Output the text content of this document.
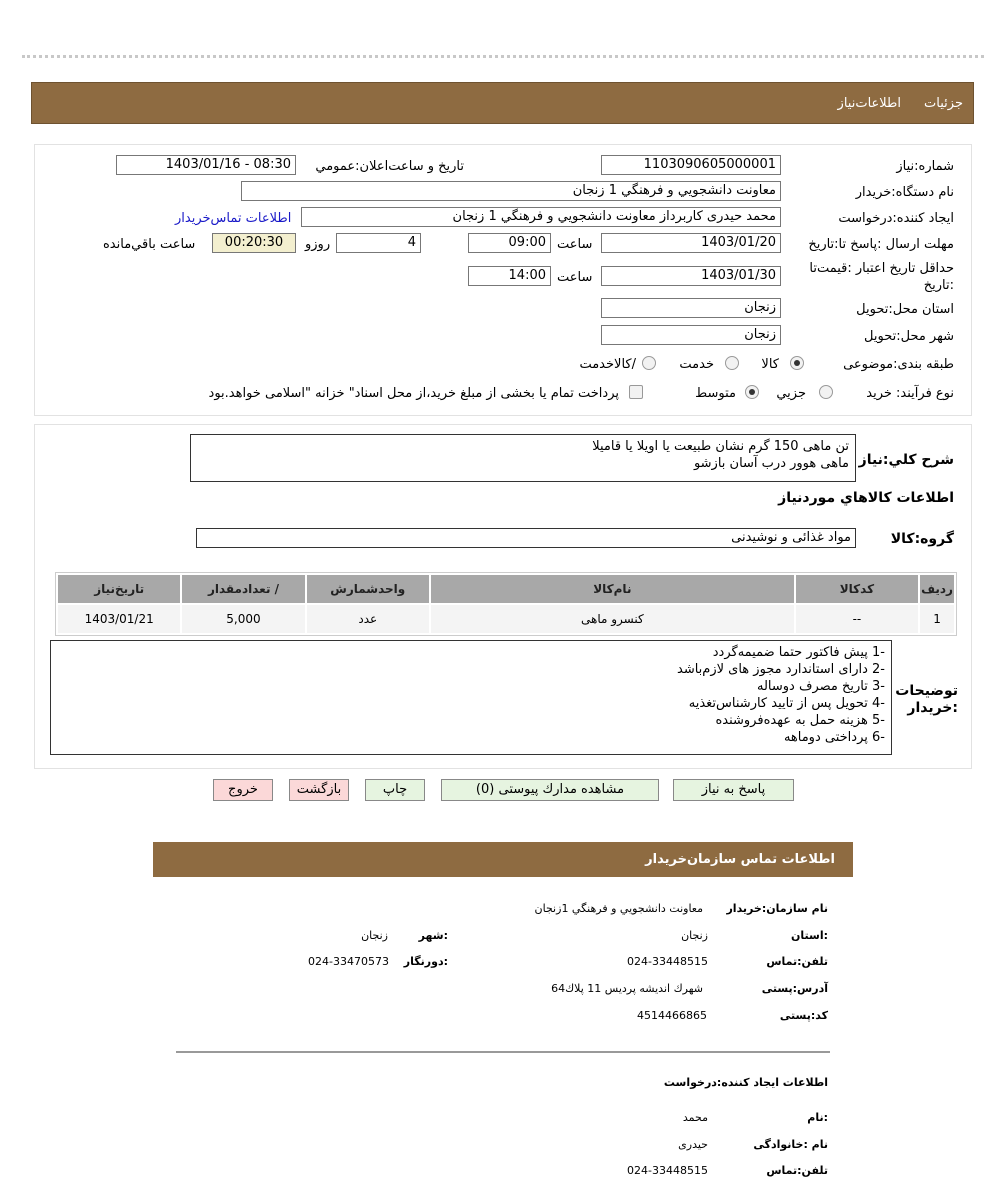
جزئیات
اطلاعات‌نیاز
شماره:نیاز
1103090605000001
تاریخ و ساعت‌اعلان:عمومي
1403/01/16 - 08:30
نام دستگاه:خريدار
معاونت دانشجويي و فرهنگي 1 زنجان
ايجاد كننده:درخواست
محمد حيدری كاربرداز معاونت دانشجويي و فرهنگي 1 زنجان
اطلاعات تماس‌خريدار
مهلت ارسال :پاسخ تا:تاریخ
1403/01/20
ساعت
09:00
4
روزو
00:20:30
ساعت باقي‌مانده
حداقل تاريخ اعتبار :قيمت‌تا
:تاريخ
1403/01/30
ساعت
14:00
استان محل:تحويل
زنجان
شهر محل:تحويل
زنجان
طبقه بندی:موضوعی
كالا
خدمت
/كالاخدمت
نوع فرآيند: خريد
جزيي
متوسط
پرداخت تمام يا بخشی از مبلغ خريد،از محل اسناد" خزانه "اسلامی خواهد.بود
شرح كلي:نیاز
تن ماهی 150 گرم نشان طبیعت یا اویلا یا قامیلا
ماهی هوور درب آسان بازشو
اطلاعات كالاهاي موردنیاز
گروه:كالا
مواد غذائی و نوشیدنی
رديف	كدكالا	نام‌كالا	واحدشمارش	/ تعدادمقدار	تاريخ‌نياز
1	--	كنسرو ماهی	عدد	5,000	1403/01/21
توضيحات
:خريدار
-1 پیش فاکتور حتما ضمیمه‌گردد
-2 دارای استاندارد مجوز های لازم‌باشد
-3 تاریخ مصرف دوساله
-4 تحویل پس از تایید کارشناس‌تغذیه
-5 هزینه حمل به عهده‌فروشنده
-6 پرداختی دوماهه
پاسخ به نیاز
مشاهده مدارك پيوستی (0)
چاپ
بازگشت
خروج
اطلاعات تماس سازمان‌خريدار
نام سازمان:خريدار
معاونت دانشجويي و فرهنگي 1زنجان
:استان
زنجان
:شهر
زنجان
تلفن:تماس
024-33448515
:دورنگار
024-33470573
آدرس:پستی
شهرك انديشه پرديس 11 پلاك64
كد:پستی
4514466865
اطلاعات ايجاد كننده:درخواست
:نام
محمد
نام :خانوادگی
حيدری
تلفن:تماس
024-33448515
